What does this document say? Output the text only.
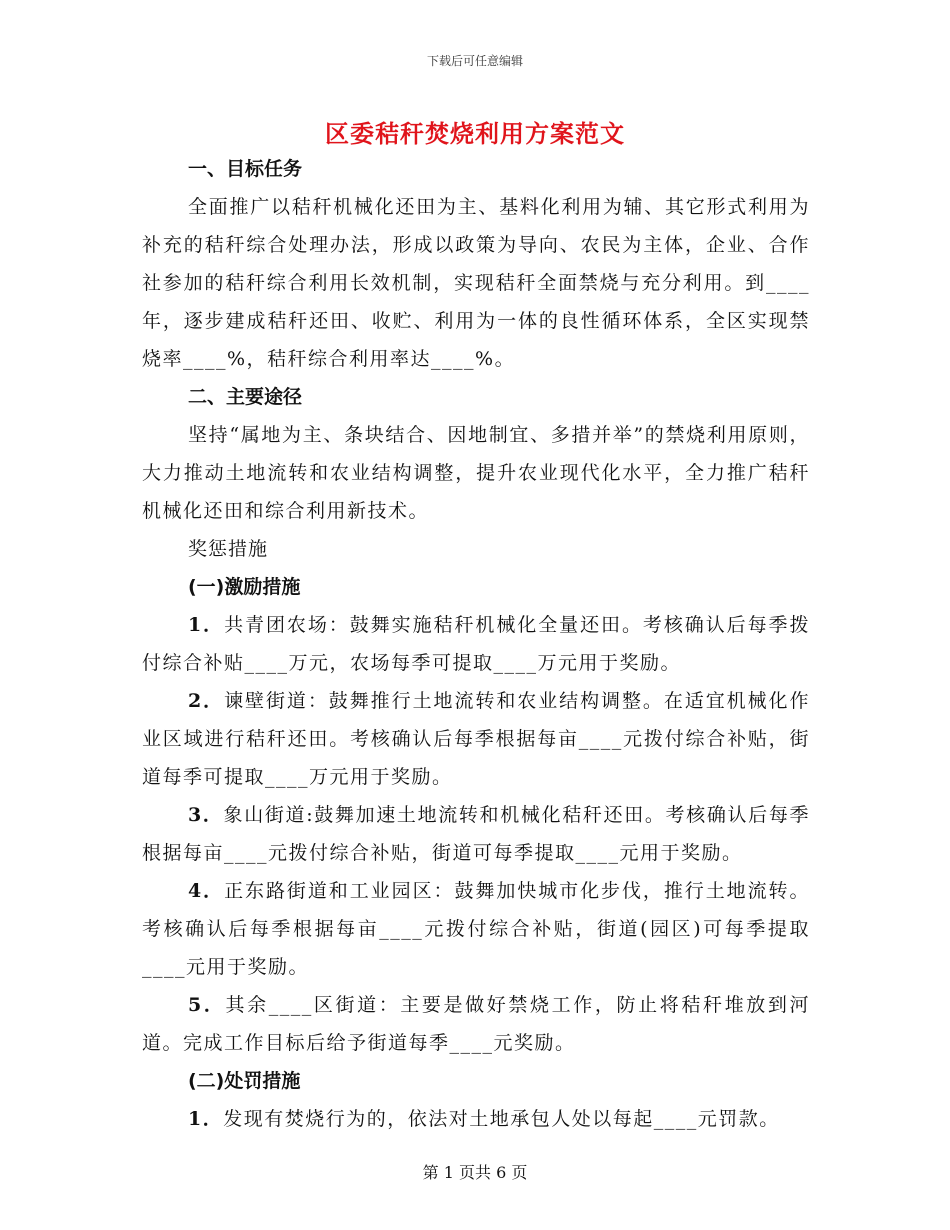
下载后可任意编辑
区委秸秆焚烧利用方案范文
一、目标任务

全面推广以秸秆机械化还田为主、基料化利用为辅、其它形式利用为补充的秸秆综合处理办法，形成以政策为导向、农民为主体，企业、合作社参加的秸秆综合利用长效机制，实现秸秆全面禁烧与充分利用。到____年，逐步建成秸秆还田、收贮、利用为一体的良性循环体系，全区实现禁烧率____%，秸秆综合利用率达____%。

二、主要途径

坚持“属地为主、条块结合、因地制宜、多措并举”的禁烧利用原则，大力推动土地流转和农业结构调整，提升农业现代化水平，全力推广秸秆机械化还田和综合利用新技术。

奖惩措施

(一)激励措施

1．共青团农场：鼓舞实施秸秆机械化全量还田。考核确认后每季拨付综合补贴____万元，农场每季可提取____万元用于奖励。

2．谏壁街道：鼓舞推行土地流转和农业结构调整。在适宜机械化作业区域进行秸秆还田。考核确认后每季根据每亩____元拨付综合补贴，街道每季可提取____万元用于奖励。

3．象山街道:鼓舞加速土地流转和机械化秸秆还田。考核确认后每季根据每亩____元拨付综合补贴，街道可每季提取____元用于奖励。

4．正东路街道和工业园区：鼓舞加快城市化步伐，推行土地流转。考核确认后每季根据每亩____元拨付综合补贴，街道(园区)可每季提取____元用于奖励。

5．其余____区街道：主要是做好禁烧工作，防止将秸秆堆放到河道。完成工作目标后给予街道每季____元奖励。

(二)处罚措施

1．发现有焚烧行为的，依法对土地承包人处以每起____元罚款。

第 1 页共 6 页
